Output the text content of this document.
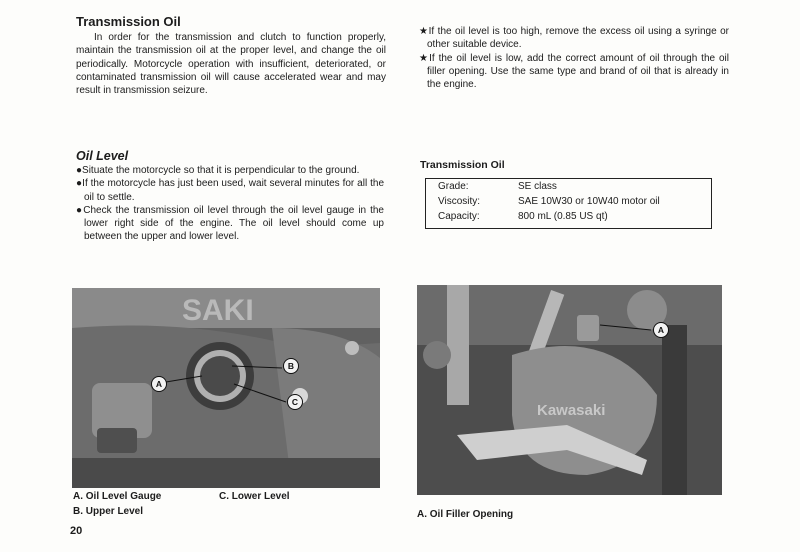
Transmission Oil

In order for the transmission and clutch to function properly, maintain the transmission oil at the proper level, and change the oil periodically. Motorcycle operation with insufficient, deteriorated, or contaminated transmission oil will cause accelerated wear and may result in transmission seizure.

Oil Level

●Situate the motorcycle so that it is perpendicular to the ground.

●If the motorcycle has just been used, wait several minutes for all the oil to settle.

●Check the transmission oil level through the oil level gauge in the lower right side of the engine. The oil level should come up between the upper and lower level.

SAKI
A
B
C
A. Oil Level Gauge
B. Upper Level
C. Lower Level
20

★If the oil level is too high, remove the excess oil using a syringe or other suitable device.

★If the oil level is low, add the correct amount of oil through the oil filler opening. Use the same type and brand of oil that is already in the engine.

Transmission Oil
Grade:	SE class
Viscosity:	SAE 10W30 or 10W40 motor oil
Capacity:	800 mL (0.85 US qt)
Kawasaki
A
A. Oil Filler Opening
